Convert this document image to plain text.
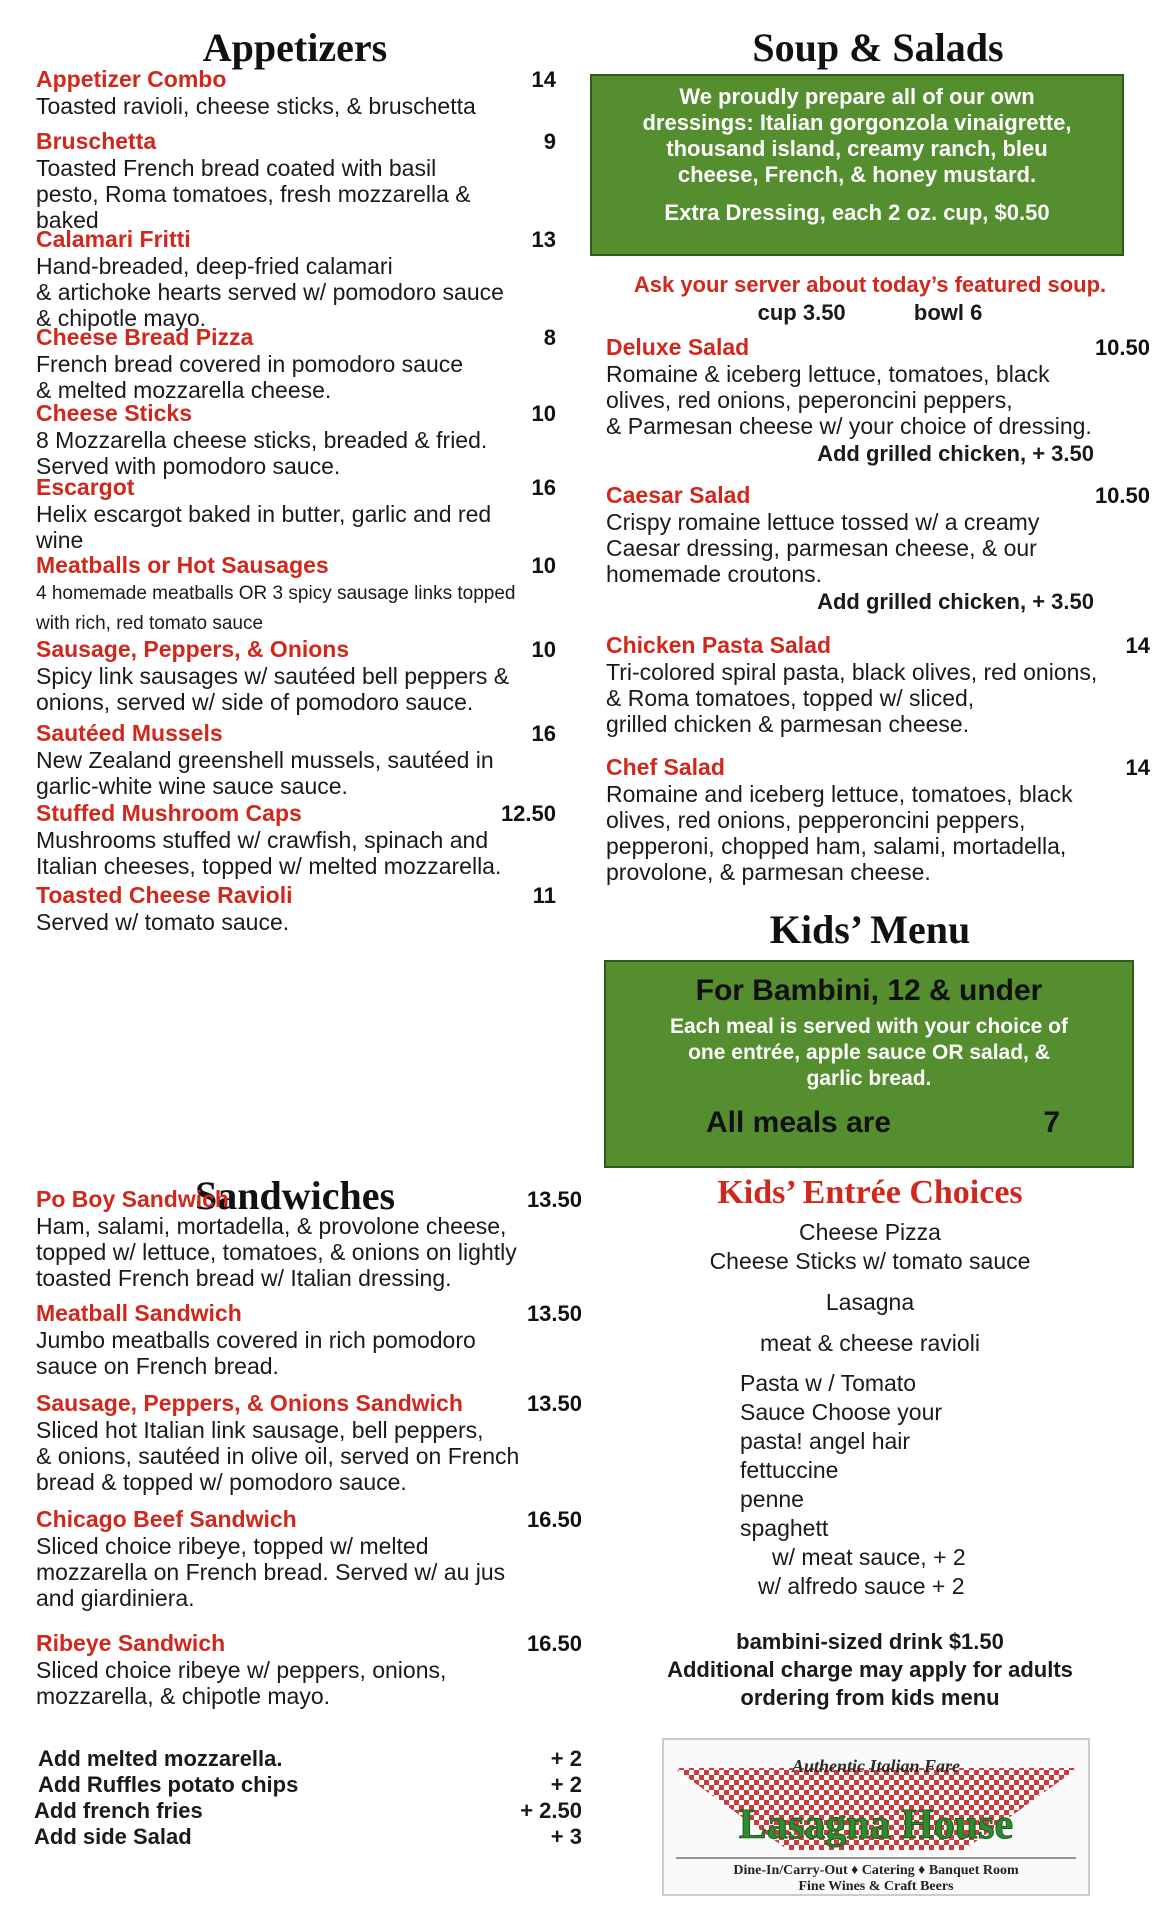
Appetizers
Appetizer Combo	14
Toasted ravioli, cheese sticks, & bruschetta
Bruschetta	9
Toasted French bread coated with basil
pesto, Roma tomatoes, fresh mozzarella &
baked
Calamari Fritti	13
Hand-breaded, deep-fried calamari
& artichoke hearts served w/ pomodoro sauce
& chipotle mayo.
Cheese Bread Pizza	8
French bread covered in pomodoro sauce
& melted mozzarella cheese.
Cheese Sticks	10
8 Mozzarella cheese sticks, breaded & fried.
Served with pomodoro sauce.
Escargot	16
Helix escargot baked in butter, garlic and red
wine
Meatballs or Hot Sausages	10
4 homemade meatballs OR 3 spicy sausage links topped
with rich, red tomato sauce
Sausage, Peppers, & Onions	10
Spicy link sausages w/ sautéed bell peppers &
onions, served w/ side of pomodoro sauce.
Sautéed Mussels	16
New Zealand greenshell mussels, sautéed in
garlic-white wine sauce sauce.
Stuffed Mushroom Caps	12.50
Mushrooms stuffed w/ crawfish, spinach and
Italian cheeses, topped w/ melted mozzarella.
Toasted Cheese Ravioli	11
Served w/ tomato sauce.
Sandwiches
Po Boy Sandwich	13.50
Ham, salami, mortadella, & provolone cheese,
topped w/ lettuce, tomatoes, & onions on lightly
toasted French bread w/ Italian dressing.
Meatball Sandwich	13.50
Jumbo meatballs covered in rich pomodoro
sauce on French bread.
Sausage, Peppers, & Onions Sandwich	13.50
Sliced hot Italian link sausage, bell peppers,
& onions, sautéed in olive oil, served on French
bread & topped w/ pomodoro sauce.
Chicago Beef Sandwich	16.50
Sliced choice ribeye, topped w/ melted
mozzarella on French bread. Served w/ au jus
and giardiniera.
Ribeye Sandwich	16.50
Sliced choice ribeye w/ peppers, onions,
mozzarella, & chipotle mayo.
Add melted mozzarella.	+ 2
Add Ruffles potato chips	+ 2
Add french fries	+ 2.50
Add side Salad	+ 3
Soup & Salads

We proudly prepare all of our own dressings: Italian gorgonzola vinaigrette, thousand island, creamy ranch, bleu cheese, French, & honey mustard.

Extra Dressing, each 2 oz. cup, $0.50

Ask your server about today’s featured soup.
cup 3.50	bowl 6
Deluxe Salad	10.50
Romaine & iceberg lettuce, tomatoes, black
olives, red onions, peperoncini peppers,
& Parmesan cheese w/ your choice of dressing.
Add grilled chicken, + 3.50
Caesar Salad	10.50
Crispy romaine lettuce tossed w/ a creamy
Caesar dressing, parmesan cheese, & our
homemade croutons.
Add grilled chicken, + 3.50
Chicken Pasta Salad	14
Tri-colored spiral pasta, black olives, red onions,
& Roma tomatoes, topped w/ sliced,
grilled chicken & parmesan cheese.
Chef Salad	14
Romaine and iceberg lettuce, tomatoes, black
olives, red onions, pepperoncini peppers,
pepperoni, chopped ham, salami, mortadella,
provolone, & parmesan cheese.
Kids’ Menu

For Bambini, 12 & under

Each meal is served with your choice of one entrée, apple sauce OR salad, & garlic bread.

All meals are	7
Kids’ Entrée Choices
Cheese Pizza
Cheese Sticks w/ tomato sauce
Lasagna
meat & cheese ravioli
Pasta w / Tomato
Sauce Choose your
pasta! angel hair
fettuccine
penne
spaghett
w/ meat sauce, + 2
w/ alfredo sauce + 2
bambini-sized drink $1.50
Additional charge may apply for adults
ordering from kids menu
Authentic Italian Fare
Lasagna House
Dine-In/Carry-Out ♦ Catering ♦ Banquet Room
Fine Wines & Craft Beers
